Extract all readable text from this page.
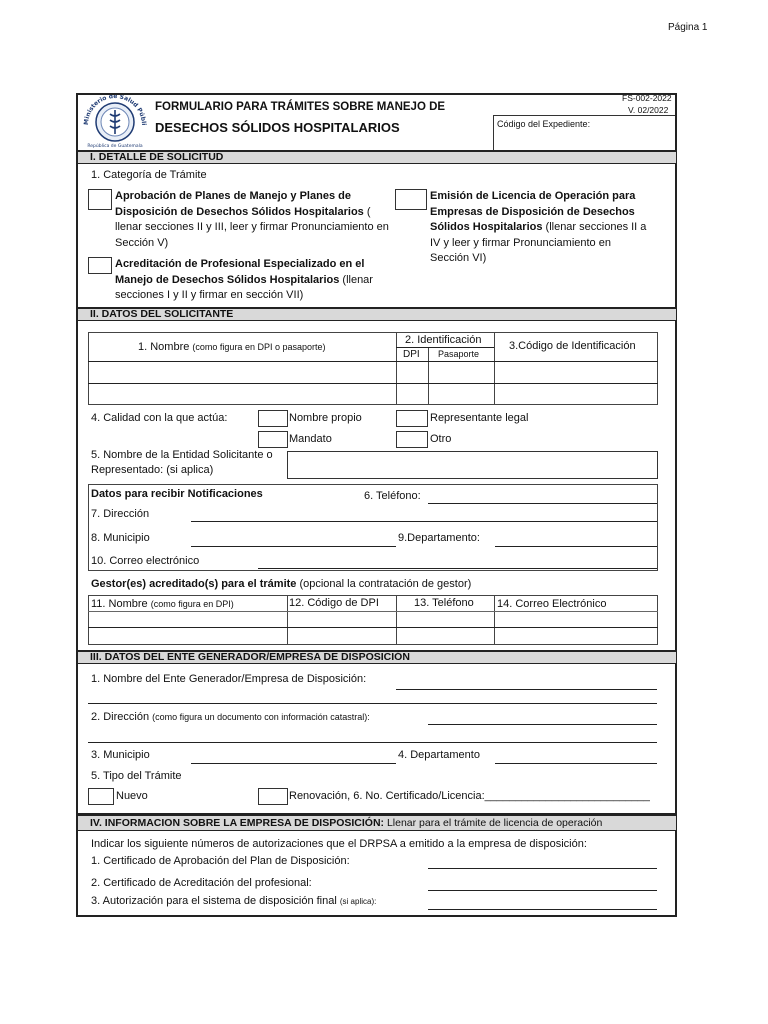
Página 1
Ministerio de Salud Públi
República de Guatemala
FORMULARIO PARA TRÁMITES SOBRE MANEJO DE
DESECHOS SÓLIDOS HOSPITALARIOS
FS-002-2022
V. 02/2022
Código del Expediente:
I. DETALLE DE SOLICITUD
1. Categoría de Trámite
Aprobación de Planes de Manejo y Planes de Disposición de Desechos Sólidos Hospitalarios ( llenar secciones II y III, leer y firmar Pronunciamiento en Sección V)
Emisión de Licencia de Operación para Empresas de Disposición de Desechos Sólidos Hospitalarios (llenar secciones II a IV y leer y firmar Pronunciamiento en Sección VI)
Acreditación de Profesional Especializado en el Manejo de Desechos Sólidos Hospitalarios (llenar secciones I y II y firmar en sección VII)
II. DATOS DEL SOLICITANTE
1. Nombre (como figura en DPI o pasaporte)
2. Identificación
DPI Pasaporte
3.Código de Identificación
4. Calidad con la que actúa:	Nombre propio	Representante legal
Mandato	Otro
5. Nombre de la Entidad Solicitante o
Representado: (si aplica)
Datos para recibir Notificaciones	6. Teléfono:
7. Dirección
8. Municipio	9.Departamento:
10. Correo electrónico
Gestor(es) acreditado(s) para el trámite (opcional la contratación de gestor)
11. Nombre (como figura en DPI)	12. Código de DPI	13. Teléfono 14. Correo Electrónico
III. DATOS DEL ENTE GENERADOR/EMPRESA DE DISPOSICIÓN
1. Nombre del Ente Generador/Empresa de Disposición:
2. Dirección (como figura un documento con información catastral):
3. Municipio	4. Departamento
5. Tipo del Trámite
Nuevo	Renovación, 6. No. Certificado/Licencia:___________________________
IV. INFORMACION SOBRE LA EMPRESA DE DISPOSICIÓN: Llenar para el trámite de licencia de operación
Indicar los siguiente números de autorizaciones que el DRPSA a emitido a la empresa de disposición:
1. Certificado de Aprobación del Plan de Disposición:
2. Certificado de Acreditación del profesional:
3. Autorización para el sistema de disposición final (si aplica):
